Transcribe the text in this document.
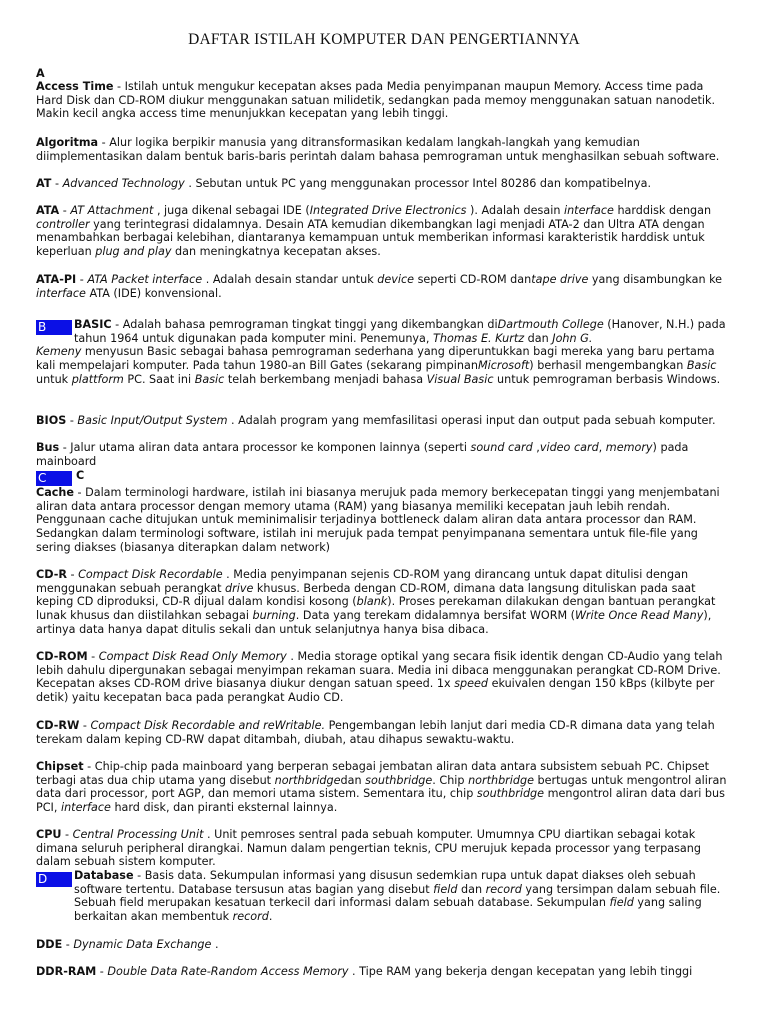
DAFTAR ISTILAH KOMPUTER DAN PENGERTIANNYA
A
Access Time - Istilah untuk mengukur kecepatan akses pada Media penyimpanan maupun Memory. Access time pada Hard Disk dan CD-ROM diukur menggunakan satuan milidetik, sedangkan pada memoy menggunakan satuan nanodetik. Makin kecil angka access time menunjukkan kecepatan yang lebih tinggi.
Algoritma - Alur logika berpikir manusia yang ditransformasikan kedalam langkah-langkah yang kemudian diimplementasikan dalam bentuk baris-baris perintah dalam bahasa pemrograman untuk menghasilkan sebuah software.
AT - Advanced Technology . Sebutan untuk PC yang menggunakan processor Intel 80286 dan kompatibelnya.
ATA - AT Attachment , juga dikenal sebagai IDE (Integrated Drive Electronics ). Adalah desain interface harddisk dengan controller yang terintegrasi didalamnya. Desain ATA kemudian dikembangkan lagi menjadi ATA-2 dan Ultra ATA dengan menambahkan berbagai kelebihan, diantaranya kemampuan untuk memberikan informasi karakteristik harddisk untuk keperluan plug and play dan meningkatnya kecepatan akses.
ATA-PI - ATA Packet interface . Adalah desain standar untuk device seperti CD-ROM dantape drive yang disambungkan ke interface ATA (IDE) konvensional.
B	BASIC - Adalah bahasa pemrograman tingkat tinggi yang dikembangkan diDartmouth College (Hanover, N.H.) pada tahun 1964 untuk digunakan pada komputer mini. Penemunya, Thomas E. Kurtz dan John G.
Kemeny menyusun Basic sebagai bahasa pemrograman sederhana yang diperuntukkan bagi mereka yang baru pertama kali mempelajari komputer. Pada tahun 1980-an Bill Gates (sekarang pimpinanMicrosoft) berhasil mengembangkan Basic untuk plattform PC. Saat ini Basic telah berkembang menjadi bahasa Visual Basic untuk pemrograman berbasis Windows.
BIOS - Basic Input/Output System . Adalah program yang memfasilitasi operasi input dan output pada sebuah komputer.
Bus - Jalur utama aliran data antara processor ke komponen lainnya (seperti sound card ,video card, memory) pada mainboard
C	C
Cache - Dalam terminologi hardware, istilah ini biasanya merujuk pada memory berkecepatan tinggi yang menjembatani aliran data antara processor dengan memory utama (RAM) yang biasanya memiliki kecepatan jauh lebih rendah. Penggunaan cache ditujukan untuk meminimalisir terjadinya bottleneck dalam aliran data antara processor dan RAM. Sedangkan dalam terminologi software, istilah ini merujuk pada tempat penyimpanana sementara untuk file-file yang sering diakses (biasanya diterapkan dalam network)
CD-R - Compact Disk Recordable . Media penyimpanan sejenis CD-ROM yang dirancang untuk dapat ditulisi dengan menggunakan sebuah perangkat drive khusus. Berbeda dengan CD-ROM, dimana data langsung dituliskan pada saat keping CD diproduksi, CD-R dijual dalam kondisi kosong (blank). Proses perekaman dilakukan dengan bantuan perangkat lunak khusus dan diistilahkan sebagai burning. Data yang terekam didalamnya bersifat WORM (Write Once Read Many), artinya data hanya dapat ditulis sekali dan untuk selanjutnya hanya bisa dibaca.
CD-ROM - Compact Disk Read Only Memory . Media storage optikal yang secara fisik identik dengan CD-Audio yang telah lebih dahulu dipergunakan sebagai menyimpan rekaman suara. Media ini dibaca menggunakan perangkat CD-ROM Drive. Kecepatan akses CD-ROM drive biasanya diukur dengan satuan speed. 1x speed ekuivalen dengan 150 kBps (kilbyte per detik) yaitu kecepatan baca pada perangkat Audio CD.
CD-RW - Compact Disk Recordable and reWritable. Pengembangan lebih lanjut dari media CD-R dimana data yang telah terekam dalam keping CD-RW dapat ditambah, diubah, atau dihapus sewaktu-waktu.
Chipset - Chip-chip pada mainboard yang berperan sebagai jembatan aliran data antara subsistem sebuah PC. Chipset terbagi atas dua chip utama yang disebut northbridgedan southbridge. Chip northbridge bertugas untuk mengontrol aliran data dari processor, port AGP, dan memori utama sistem. Sementara itu, chip southbridge mengontrol aliran data dari bus PCI, interface hard disk, dan piranti eksternal lainnya.
CPU - Central Processing Unit . Unit pemroses sentral pada sebuah komputer. Umumnya CPU diartikan sebagai kotak dimana seluruh peripheral dirangkai. Namun dalam pengertian teknis, CPU merujuk kepada processor yang terpasang dalam sebuah sistem komputer.
D	Database - Basis data. Sekumpulan informasi yang disusun sedemkian rupa untuk dapat diakses oleh sebuah software tertentu. Database tersusun atas bagian yang disebut field dan record yang tersimpan dalam sebuah file. Sebuah field merupakan kesatuan terkecil dari informasi dalam sebuah database. Sekumpulan field yang saling berkaitan akan membentuk record.
DDE - Dynamic Data Exchange .
DDR-RAM - Double Data Rate-Random Access Memory . Tipe RAM yang bekerja dengan kecepatan yang lebih tinggi
